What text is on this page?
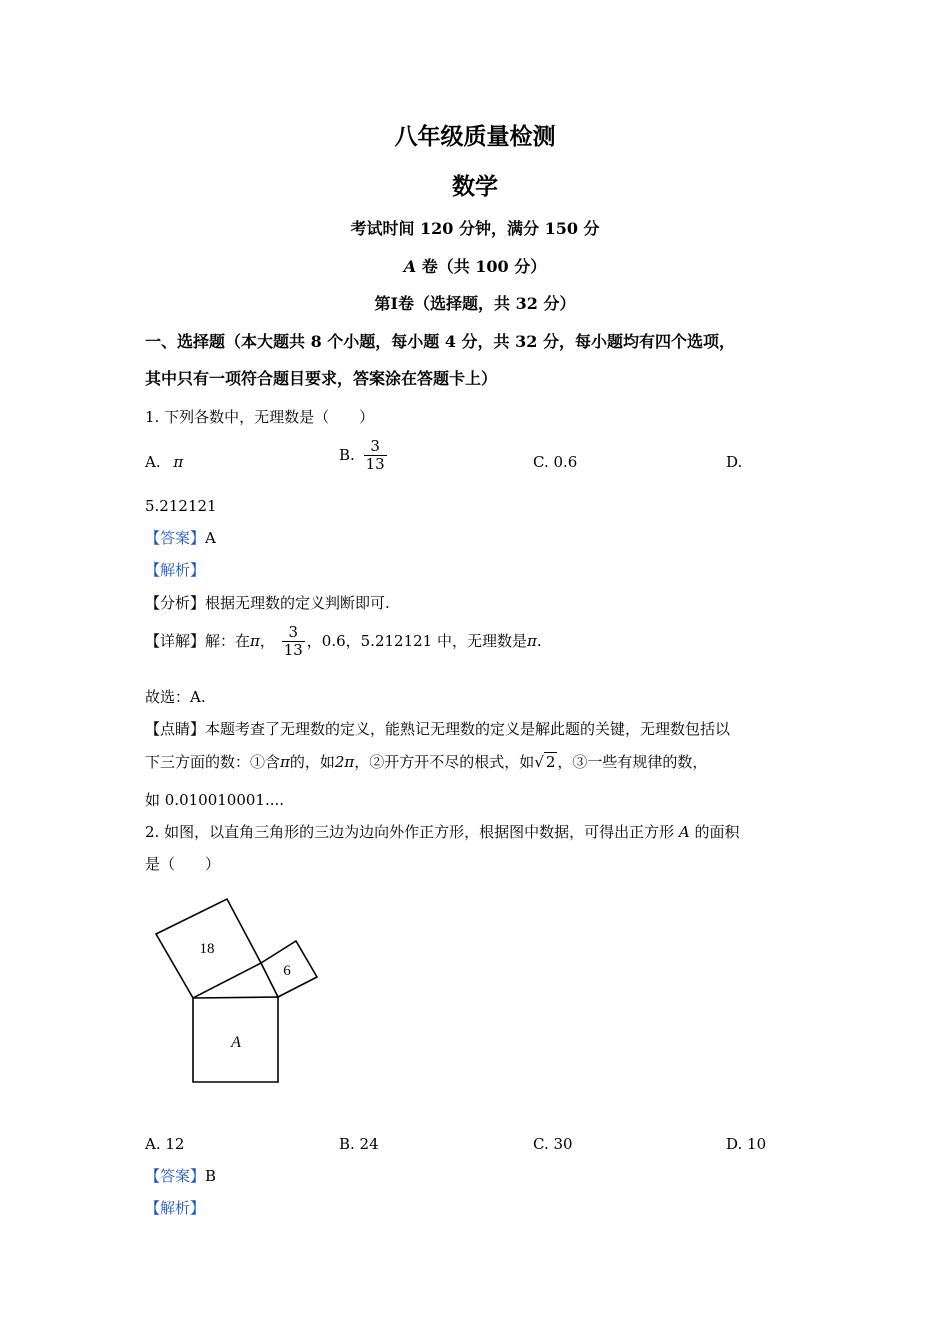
八年级质量检测
数学
考试时间 120 分钟，满分 150 分
A 卷（共 100 分）
第Ⅰ卷（选择题，共 32 分）
一、选择题（本大题共 8 个小题，每小题 4 分，共 32 分，每小题均有四个选项，
其中只有一项符合题目要求，答案涂在答题卡上）
1. 下列各数中，无理数是（　　）
A. π	B. $\frac{3}{13}$	C. 0.6	D.
5.212121
【答案】A
【解析】
【分析】根据无理数的定义判断即可.
【详解】解：在π， $\frac{3}{13}$ ，0.6，5.212121 中，无理数是π.
故选：A.
【点睛】本题考查了无理数的定义，能熟记无理数的定义是解此题的关键，无理数包括以
下三方面的数：①含π的，如2π，②开方开不尽的根式，如√ 2 ，③一些有规律的数，
如 0.010010001....
2. 如图，以直角三角形的三边为边向外作正方形，根据图中数据，可得出正方形 A 的面积
是（　　）
18
6
A
A. 12	B. 24	C. 30	D. 10
【答案】B
【解析】
